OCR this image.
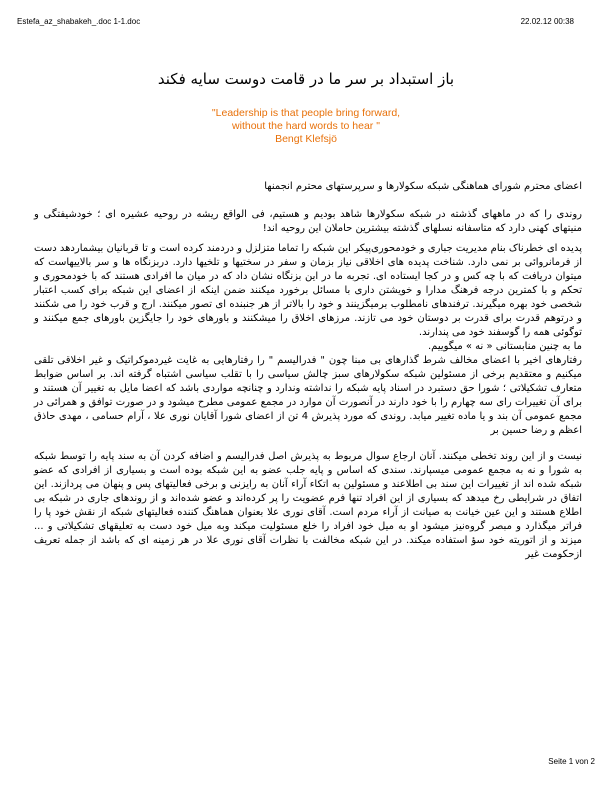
Estefa_az_shabakeh_.doc 1-1.doc	22.02.12 00:38
باز استبداد بر سر ما در قامت دوست سایه فکند
"Leadership is that people bring forward,
without the hard words to hear "
Bengt Klefsjö

اعضای محترم شورای هماهنگی شبکه سکولارها و سرپرستهای محترم انجمنها

روندی را که در ماههای گذشته در شبکه سکولارها شاهد بودیم و هستیم، فی الواقع ریشه در روحیه عشیره ای ؛ خودشیفتگی و منیتهای کهنی دارد که متاسفانه نسلهای گذشته بیشترین حاملان این روحیه اند!

پدیده ای خطرناک بنام مدیریت جباری و خودمحوری‌پیکر این شبکه را تماما متزلزل و دردمند کرده است و تا قربانیان بیشماردهد دست از فرمانروائی بر نمی دارد. شناخت پدیده های اخلاقی نیاز بزمان و سفر در سختیها و تلخیها دارد. دربزنگاه ها و سر بالاییهاست که میتوان دریافت که با چه کس و در کجا ایستاده ای. تجربه ما در این بزنگاه نشان داد که در میان ما افرادی هستند که با خودمحوری و تحکم و با کمترین درجه فرهنگ مدارا و خویشتن داری با مسائل برخورد میکنند ضمن اینکه از اعضای این شبکه برای کسب اعتبار شخصی خود بهره میگیرند. ترفندهای نامطلوب برمیگزینند و خود را بالاتر از هر جنبنده ای تصور میکنند. ارج و قرب خود را می شکنند و درتوهم قدرت برای قدرت بر دوستان خود می تازند. مرزهای اخلاق را میشکنند و باورهای خود را جایگزین باورهای جمع میکنند و توگوئی همه را گوسفند خود می پندارند.

ما به چنین منابستانی « نه » میگوییم.

رفتارهای اخیر با اعضای مخالف شرط گذارهای بی مبنا چون " فدرالیسم " را رفتارهایی به غایت غیردموکراتیک و غیر اخلاقی تلقی میکنیم و معتقدیم برخی از مسئولین شبکه سکولارهای سبز چالش سیاسی را با تقلب سیاسی اشتباه گرفته اند. بر اساس ضوابط متعارف تشکیلاتی ؛ شورا حق دستبرد در اسناد پایه شبکه را نداشته وندارد و چنانچه مواردی باشد که اعضا مایل به تغییر آن هستند و برای آن تغییرات رای سه چهارم را با خود دارند در آنصورت آن موارد در مجمع عمومی مطرح میشود و در صورت توافق و همرائی در مجمع عمومی آن بند و یا ماده تغییر میابد. روندی که مورد پذیرش 4 تن از اعضای شورا آقایان نوری علا ، آرام حسامی ، مهدی حاذق اعظم و رضا حسین بر

نیست و از این روند تخطی میکنند. آنان ارجاع سوال مربوط به پذیرش اصل فدرالیسم و اضافه کردن آن به سند پایه را توسط شبکه به شورا و نه به مجمع عمومی میسپارند. سندی که اساس و پایه جلب عضو به این شبکه بوده است و بسیاری از افرادی که عضو شبکه شده اند از تغییرات این سند بی اطلاعند و مسئولین به اتکاء آراء آنان به رایزنی و برخی فعالیتهای پس و پنهان می پردازند. این اتفاق در شرایطی رخ میدهد که بسیاری از این افراد تنها فرم عضویت را پر کرده‌اند و عضو شده‌اند و از روندهای جاری در شبکه بی اطلاع هستند و این عین خیانت به صیانت از آراء مردم است. آقای نوری علا بعنوان هماهنگ کننده فعالیتهای شبکه از نقش خود پا را فراتر میگذارد و مبصر گروه‌نیز میشود او به میل خود افراد را خلع مسئولیت میکند وبه میل خود دست به تعلیقهای تشکیلاتی و ... میزند و از اتوریته خود سؤ استفاده میکند. در این شبکه مخالفت با نظرات آقای نوری علا در هر زمینه ای که باشد از جمله تعریف ازحکومت غیر

Seite 1 von 2
